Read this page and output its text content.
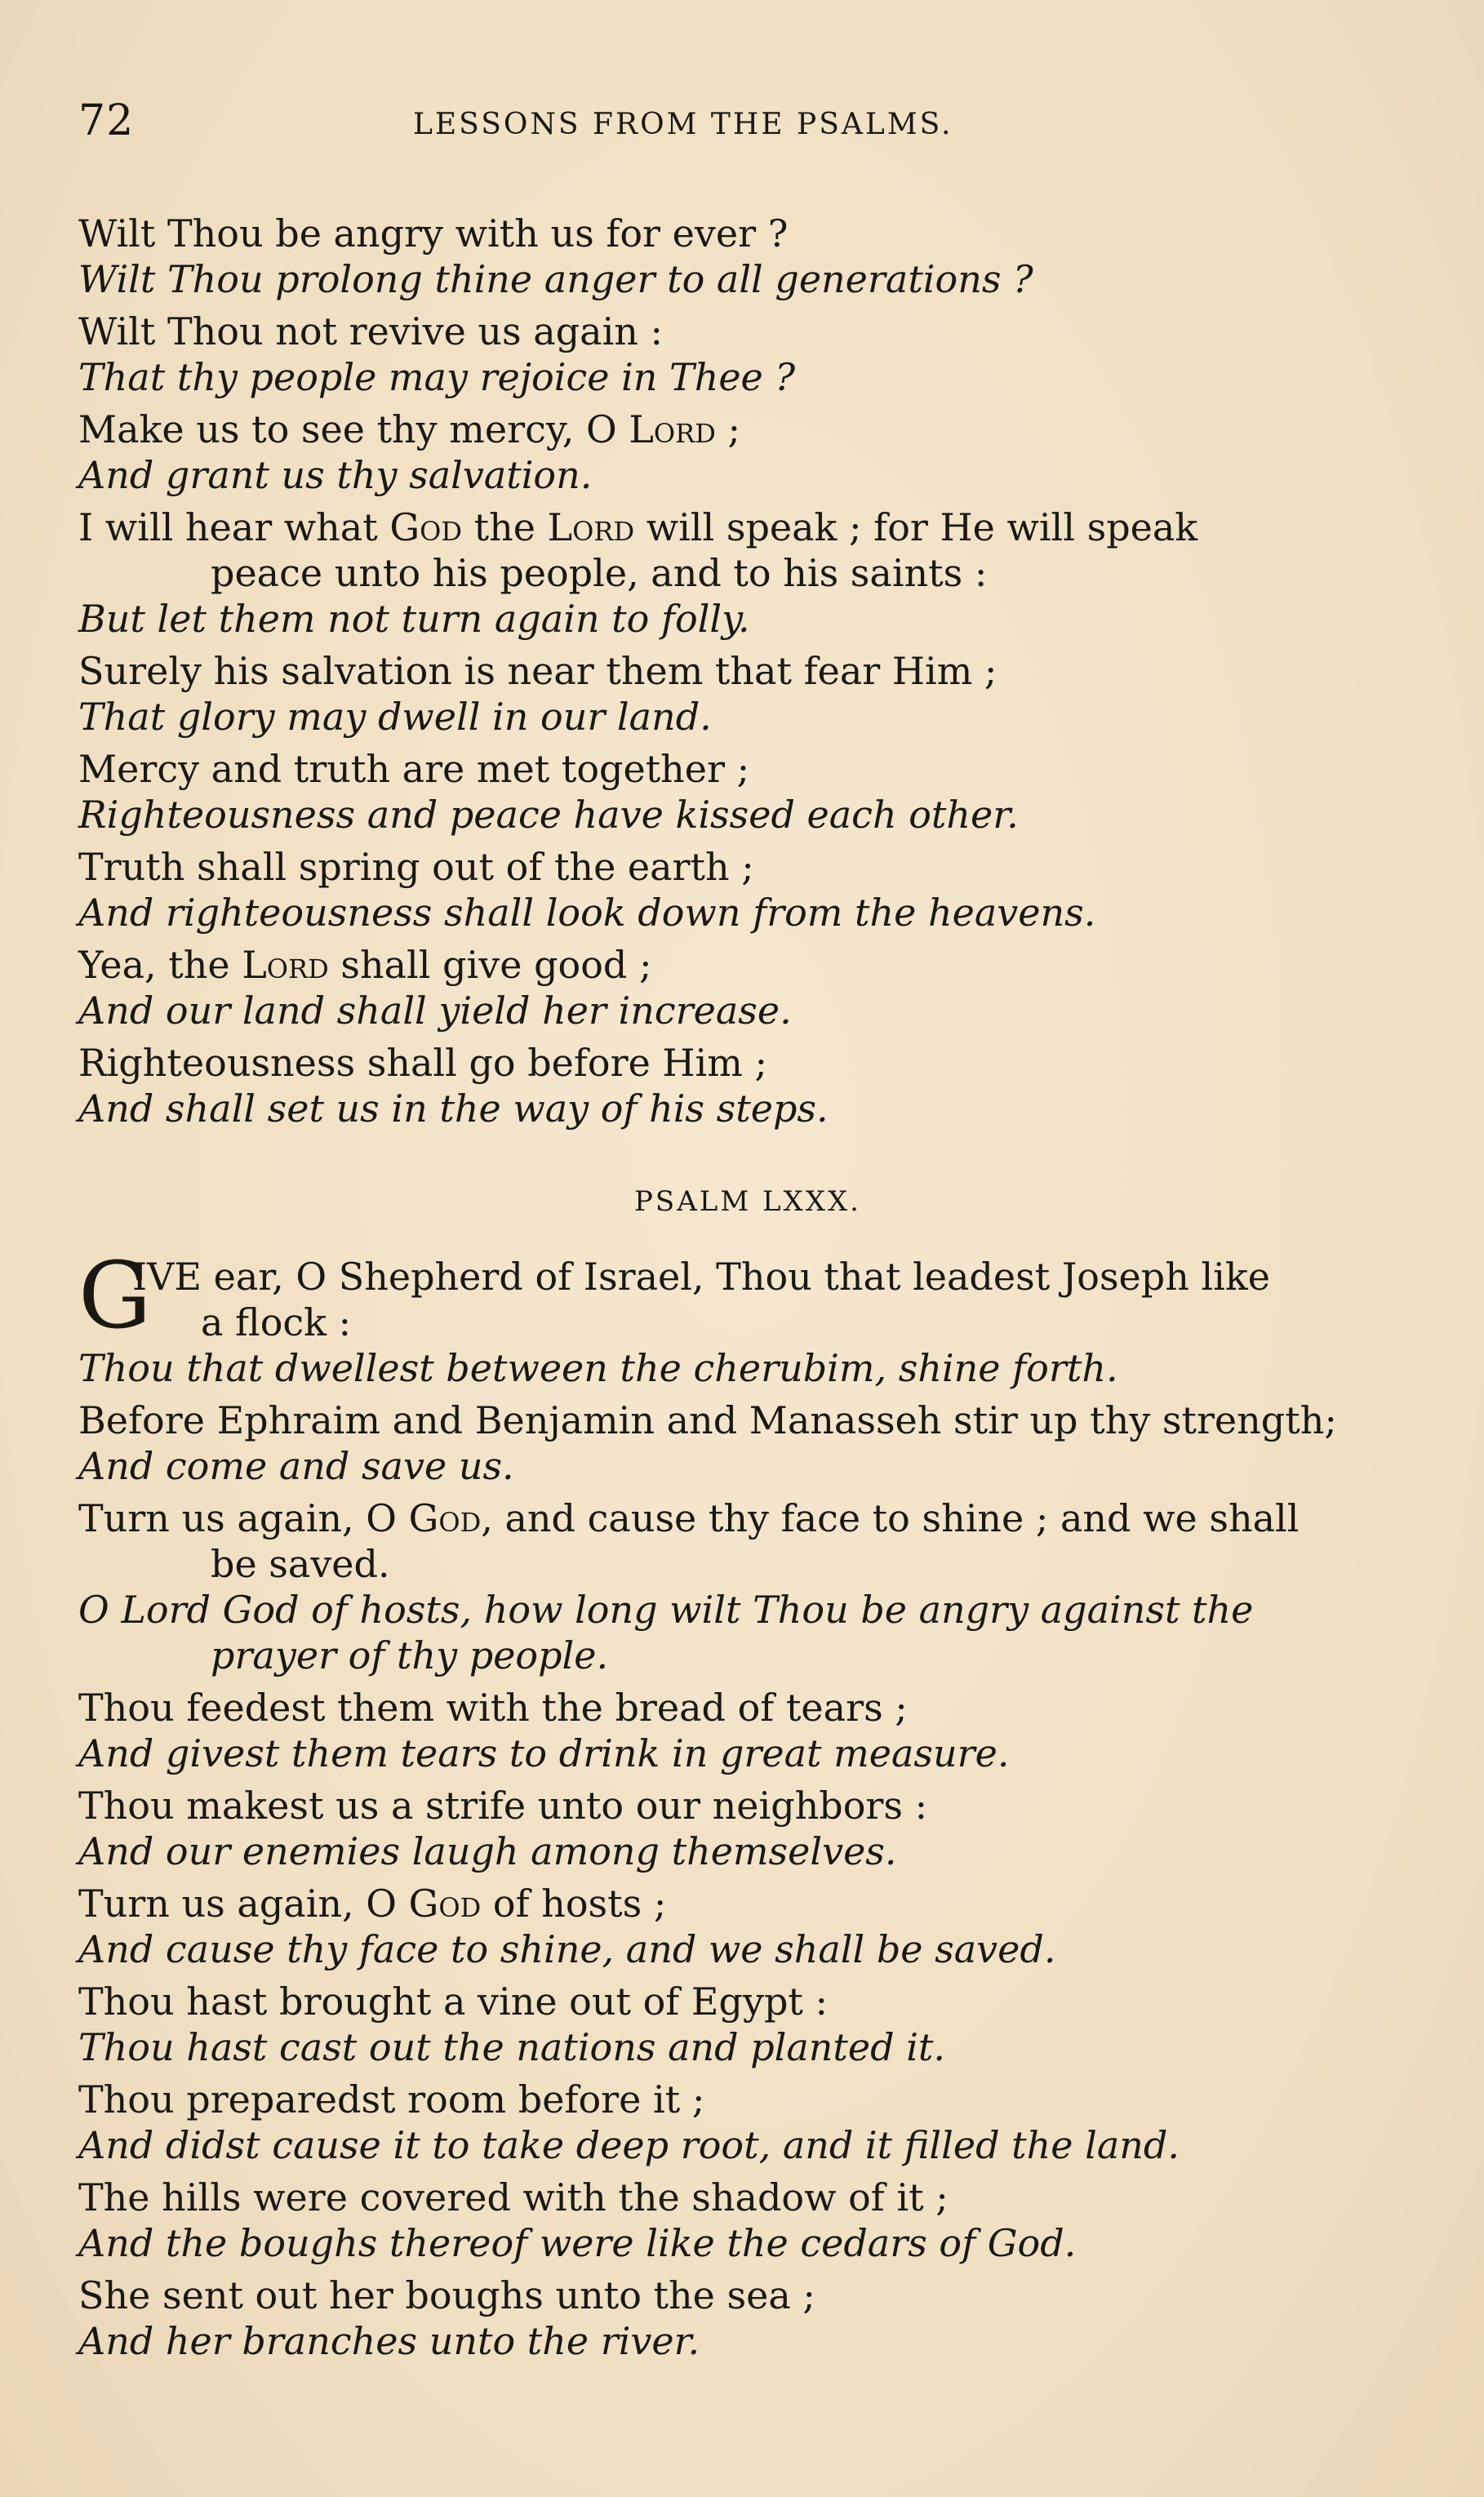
72	LESSONS FROM THE PSALMS.
Wilt Thou be angry with us for ever ?
Wilt Thou prolong thine anger to all generations ?
Wilt Thou not revive us again :
That thy people may rejoice in Thee ?
Make us to see thy mercy, O Lord ;
And grant us thy salvation.
I will hear what God the Lord will speak ; for He will speak
peace unto his people, and to his saints :
But let them not turn again to folly.
Surely his salvation is near them that fear Him ;
That glory may dwell in our land.
Mercy and truth are met together ;
Righteousness and peace have kissed each other.
Truth shall spring out of the earth ;
And righteousness shall look down from the heavens.
Yea, the Lord shall give good ;
And our land shall yield her increase.
Righteousness shall go before Him ;
And shall set us in the way of his steps.
PSALM LXXX.
G
IVE ear, O Shepherd of Israel, Thou that leadest Joseph like
a flock :
Thou that dwellest between the cherubim, shine forth.
Before Ephraim and Benjamin and Manasseh stir up thy strength;
And come and save us.
Turn us again, O God, and cause thy face to shine ; and we shall
be saved.
O Lord God of hosts, how long wilt Thou be angry against the
prayer of thy people.
Thou feedest them with the bread of tears ;
And givest them tears to drink in great measure.
Thou makest us a strife unto our neighbors :
And our enemies laugh among themselves.
Turn us again, O God of hosts ;
And cause thy face to shine, and we shall be saved.
Thou hast brought a vine out of Egypt :
Thou hast cast out the nations and planted it.
Thou preparedst room before it ;
And didst cause it to take deep root, and it filled the land.
The hills were covered with the shadow of it ;
And the boughs thereof were like the cedars of God.
She sent out her boughs unto the sea ;
And her branches unto the river.
